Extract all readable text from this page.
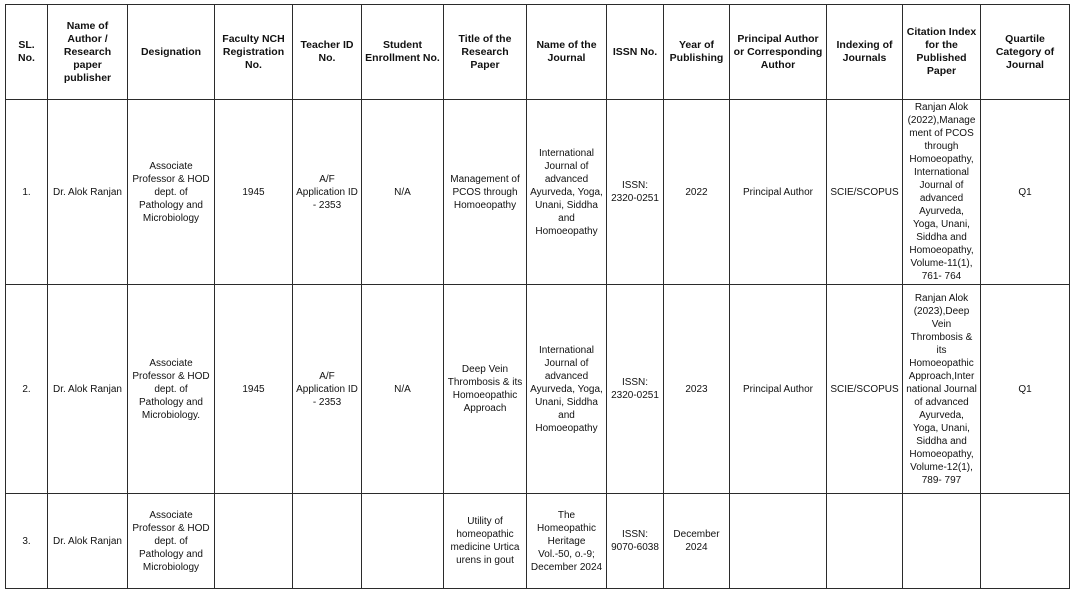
SL. No.	Name of Author / Research paper publisher	Designation	Faculty NCH Registration No.	Teacher ID No.	Student Enrollment No.	Title of the Research Paper	Name of the Journal	ISSN No.	Year of Publishing	Principal Author or Corresponding Author	Indexing of Journals	Citation Index for the Published Paper	Quartile Category of Journal
1.	Dr. Alok Ranjan	Associate Professor & HOD dept. of Pathology and Microbiology	1945	A/F Application ID - 2353	N/A	Management of PCOS through Homoeopathy	International Journal of advanced Ayurveda, Yoga, Unani, Siddha and Homoeopathy	ISSN: 2320-0251	2022	Principal Author	SCIE/SCOPUS	Ranjan Alok (2022),Management of PCOS through Homoeopathy, International Journal of advanced Ayurveda, Yoga, Unani, Siddha and Homoeopathy, Volume-11(1), 761- 764	Q1
2.	Dr. Alok Ranjan	Associate Professor & HOD dept. of Pathology and Microbiology.	1945	A/F Application ID - 2353	N/A	Deep Vein Thrombosis & its Homoeopathic Approach	International Journal of advanced Ayurveda, Yoga, Unani, Siddha and Homoeopathy	ISSN: 2320-0251	2023	Principal Author	SCIE/SCOPUS	Ranjan Alok (2023),Deep Vein Thrombosis & its Homoeopathic Approach,International Journal of advanced Ayurveda, Yoga, Unani, Siddha and Homoeopathy, Volume-12(1), 789- 797	Q1
3.	Dr. Alok Ranjan	Associate Professor & HOD dept. of Pathology and Microbiology				Utility of homeopathic medicine Urtica urens in gout	The Homeopathic Heritage Vol.-50, o.-9; December 2024	ISSN: 9070-6038	December 2024				
